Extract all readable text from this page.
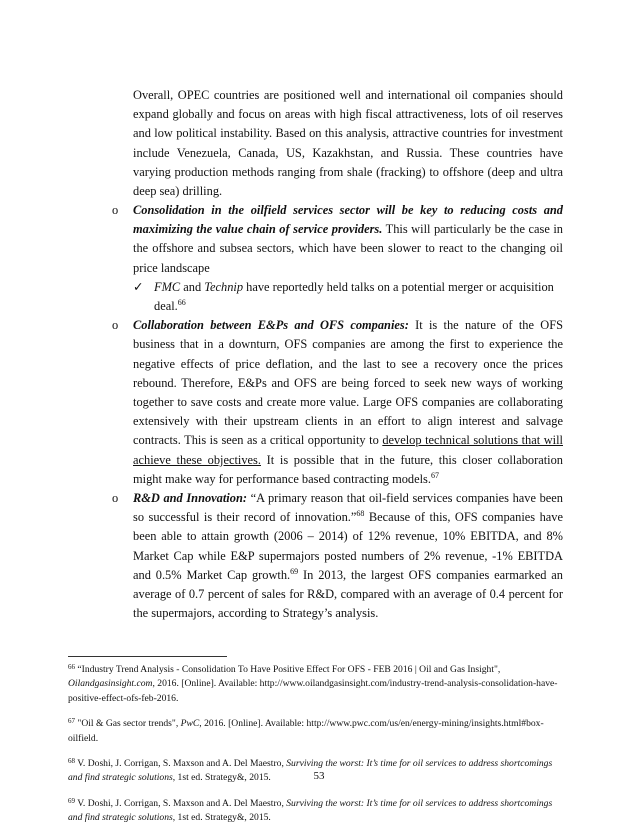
Overall, OPEC countries are positioned well and international oil companies should expand globally and focus on areas with high fiscal attractiveness, lots of oil reserves and low political instability. Based on this analysis, attractive countries for investment include Venezuela, Canada, US, Kazakhstan, and Russia. These countries have varying production methods ranging from shale (fracking) to offshore (deep and ultra deep sea) drilling.
o	Consolidation in the oilfield services sector will be key to reducing costs and maximizing the value chain of service providers. This will particularly be the case in the offshore and subsea sectors, which have been slower to react to the changing oil price landscape
✓ FMC and Technip have reportedly held talks on a potential merger or acquisition deal.$^{66}$
o	Collaboration between E&Ps and OFS companies: It is the nature of the OFS business that in a downturn, OFS companies are among the first to experience the negative effects of price deflation, and the last to see a recovery once the prices rebound. Therefore, E&Ps and OFS are being forced to seek new ways of working together to save costs and create more value. Large OFS companies are collaborating extensively with their upstream clients in an effort to align interest and salvage contracts. This is seen as a critical opportunity to develop technical solutions that will achieve these objectives. It is possible that in the future, this closer collaboration might make way for performance based contracting models.$^{67}$
o	R&D and Innovation: “A primary reason that oil-field services companies have been so successful is their record of innovation.”$^{68}$ Because of this, OFS companies have been able to attain growth (2006 – 2014) of 12% revenue, 10% EBITDA, and 8% Market Cap while E&P supermajors posted numbers of 2% revenue, -1% EBITDA and 0.5% Market Cap growth.$^{69}$ In 2013, the largest OFS companies earmarked an average of 0.7 percent of sales for R&D, compared with an average of 0.4 percent for the supermajors, according to Strategy’s analysis.
$^{66}$ “Industry Trend Analysis - Consolidation To Have Positive Effect For OFS - FEB 2016 | Oil and Gas Insight", Oilandgasinsight.com, 2016. [Online]. Available: http://www.oilandgasinsight.com/industry-trend-analysis-consolidation-have-positive-effect-ofs-feb-2016.
$^{67}$ "Oil & Gas sector trends", PwC, 2016. [Online]. Available: http://www.pwc.com/us/en/energy-mining/insights.html#box-oilfield.
$^{68}$ V. Doshi, J. Corrigan, S. Maxson and A. Del Maestro, Surviving the worst: It’s time for oil services to address shortcomings and find strategic solutions, 1st ed. Strategy&, 2015.
$^{69}$ V. Doshi, J. Corrigan, S. Maxson and A. Del Maestro, Surviving the worst: It’s time for oil services to address shortcomings and find strategic solutions, 1st ed. Strategy&, 2015.
53
